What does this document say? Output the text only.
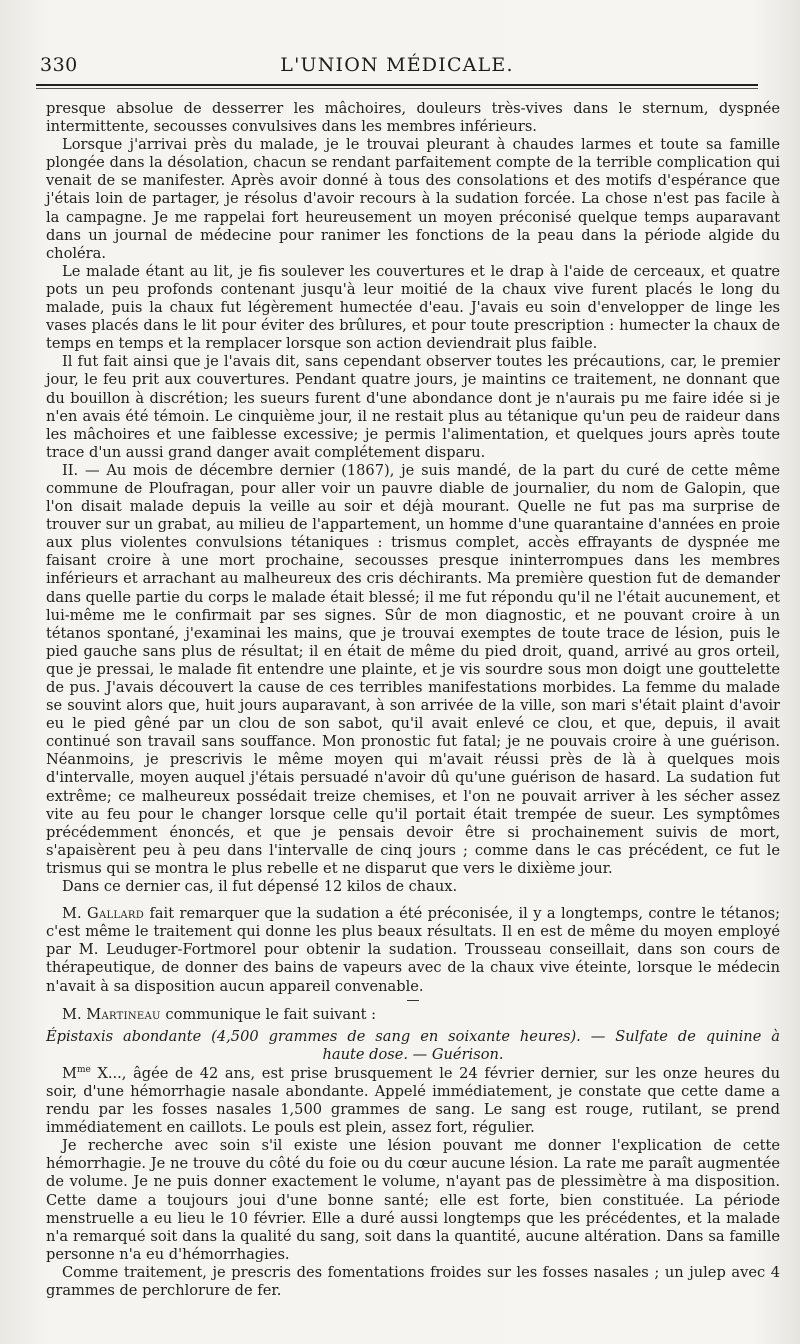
330	L'UNION MÉDICALE.

presque absolue de desserrer les mâchoires, douleurs très-vives dans le sternum, dyspnée intermittente, secousses convulsives dans les membres inférieurs.

Lorsque j'arrivai près du malade, je le trouvai pleurant à chaudes larmes et toute sa famille plongée dans la désolation, chacun se rendant parfaitement compte de la terrible complication qui venait de se manifester. Après avoir donné à tous des consolations et des motifs d'espérance que j'étais loin de partager, je résolus d'avoir recours à la sudation forcée. La chose n'est pas facile à la campagne. Je me rappelai fort heureusement un moyen préconisé quelque temps auparavant dans un journal de médecine pour ranimer les fonctions de la peau dans la période algide du choléra.

Le malade étant au lit, je fis soulever les couvertures et le drap à l'aide de cerceaux, et quatre pots un peu profonds contenant jusqu'à leur moitié de la chaux vive furent placés le long du malade, puis la chaux fut légèrement humectée d'eau. J'avais eu soin d'envelopper de linge les vases placés dans le lit pour éviter des brûlures, et pour toute prescription : humecter la chaux de temps en temps et la remplacer lorsque son action deviendrait plus faible.

Il fut fait ainsi que je l'avais dit, sans cependant observer toutes les précautions, car, le premier jour, le feu prit aux couvertures. Pendant quatre jours, je maintins ce traitement, ne donnant que du bouillon à discrétion; les sueurs furent d'une abondance dont je n'aurais pu me faire idée si je n'en avais été témoin. Le cinquième jour, il ne restait plus au tétanique qu'un peu de raideur dans les mâchoires et une faiblesse excessive; je permis l'alimentation, et quelques jours après toute trace d'un aussi grand danger avait complétement disparu.

II. — Au mois de décembre dernier (1867), je suis mandé, de la part du curé de cette même commune de Ploufragan, pour aller voir un pauvre diable de journalier, du nom de Galopin, que l'on disait malade depuis la veille au soir et déjà mourant. Quelle ne fut pas ma surprise de trouver sur un grabat, au milieu de l'appartement, un homme d'une quarantaine d'années en proie aux plus violentes convulsions tétaniques : trismus complet, accès effrayants de dyspnée me faisant croire à une mort prochaine, secousses presque ininterrompues dans les membres inférieurs et arrachant au malheureux des cris déchirants. Ma première question fut de demander dans quelle partie du corps le malade était blessé; il me fut répondu qu'il ne l'était aucunement, et lui-même me le confirmait par ses signes. Sûr de mon diagnostic, et ne pouvant croire à un tétanos spontané, j'examinai les mains, que je trouvai exemptes de toute trace de lésion, puis le pied gauche sans plus de résultat; il en était de même du pied droit, quand, arrivé au gros orteil, que je pressai, le malade fit entendre une plainte, et je vis sourdre sous mon doigt une gouttelette de pus. J'avais découvert la cause de ces terribles manifestations morbides. La femme du malade se souvint alors que, huit jours auparavant, à son arrivée de la ville, son mari s'était plaint d'avoir eu le pied gêné par un clou de son sabot, qu'il avait enlevé ce clou, et que, depuis, il avait continué son travail sans souffance. Mon pronostic fut fatal; je ne pouvais croire à une guérison. Néanmoins, je prescrivis le même moyen qui m'avait réussi près de là à quelques mois d'intervalle, moyen auquel j'étais persuadé n'avoir dû qu'une guérison de hasard. La sudation fut extrême; ce malheureux possédait treize chemises, et l'on ne pouvait arriver à les sécher assez vite au feu pour le changer lorsque celle qu'il portait était trempée de sueur. Les symptômes précédemment énoncés, et que je pensais devoir être si prochainement suivis de mort, s'apaisèrent peu à peu dans l'intervalle de cinq jours ; comme dans le cas précédent, ce fut le trismus qui se montra le plus rebelle et ne disparut que vers le dixième jour.

Dans ce dernier cas, il fut dépensé 12 kilos de chaux.

M. Gallard fait remarquer que la sudation a été préconisée, il y a longtemps, contre le tétanos; c'est même le traitement qui donne les plus beaux résultats. Il en est de même du moyen employé par M. Leuduger-Fortmorel pour obtenir la sudation. Trousseau conseillait, dans son cours de thérapeutique, de donner des bains de vapeurs avec de la chaux vive éteinte, lorsque le médecin n'avait à sa disposition aucun appareil convenable.

M. Martineau communique le fait suivant :

Épistaxis abondante (4,500 grammes de sang en soixante heures). — Sulfate de quinine à
haute dose. — Guérison.

$M^{me}$ X..., âgée de 42 ans, est prise brusquement le 24 février dernier, sur les onze heures du soir, d'une hémorrhagie nasale abondante. Appelé immédiatement, je constate que cette dame a rendu par les fosses nasales 1,500 grammes de sang. Le sang est rouge, rutilant, se prend immédiatement en caillots. Le pouls est plein, assez fort, régulier.

Je recherche avec soin s'il existe une lésion pouvant me donner l'explication de cette hémorrhagie. Je ne trouve du côté du foie ou du cœur aucune lésion. La rate me paraît augmentée de volume. Je ne puis donner exactement le volume, n'ayant pas de plessimètre à ma disposition. Cette dame a toujours joui d'une bonne santé; elle est forte, bien constituée. La période menstruelle a eu lieu le 10 février. Elle a duré aussi longtemps que les précédentes, et la malade n'a remarqué soit dans la qualité du sang, soit dans la quantité, aucune altération. Dans sa famille personne n'a eu d'hémorrhagies.

Comme traitement, je prescris des fomentations froides sur les fosses nasales ; un julep avec 4 grammes de perchlorure de fer.
